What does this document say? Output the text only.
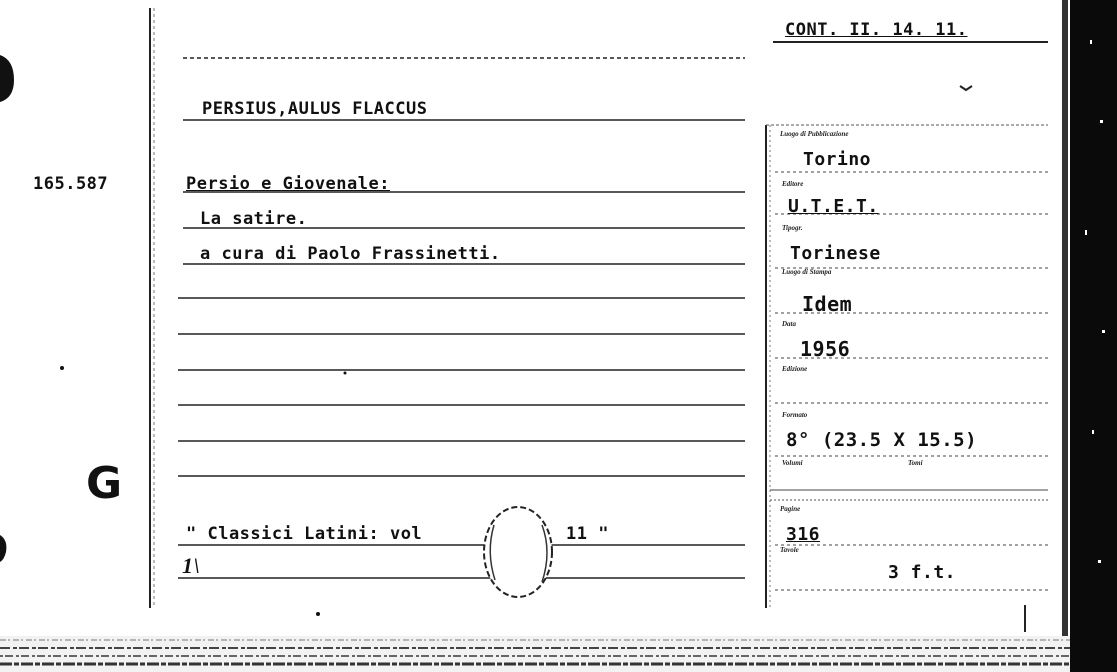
165.587
G
CONT. II. 14. 11.
PERSIUS,AULUS FLACCUS
Persio e Giovenale:
La satire.
a cura di Paolo Frassinetti.
" Classici Latini: vol	11 "
1\
Luogo di Pubblicazione
Torino
Editore
U.T.E.T.
Tipogr.
Torinese
Luogo di Stampa
Idem
Data
1956
Edizione
Formato
8° (23.5 X 15.5)
Volumi	Tomi
Pagine
316
Tavole
3 f.t.
